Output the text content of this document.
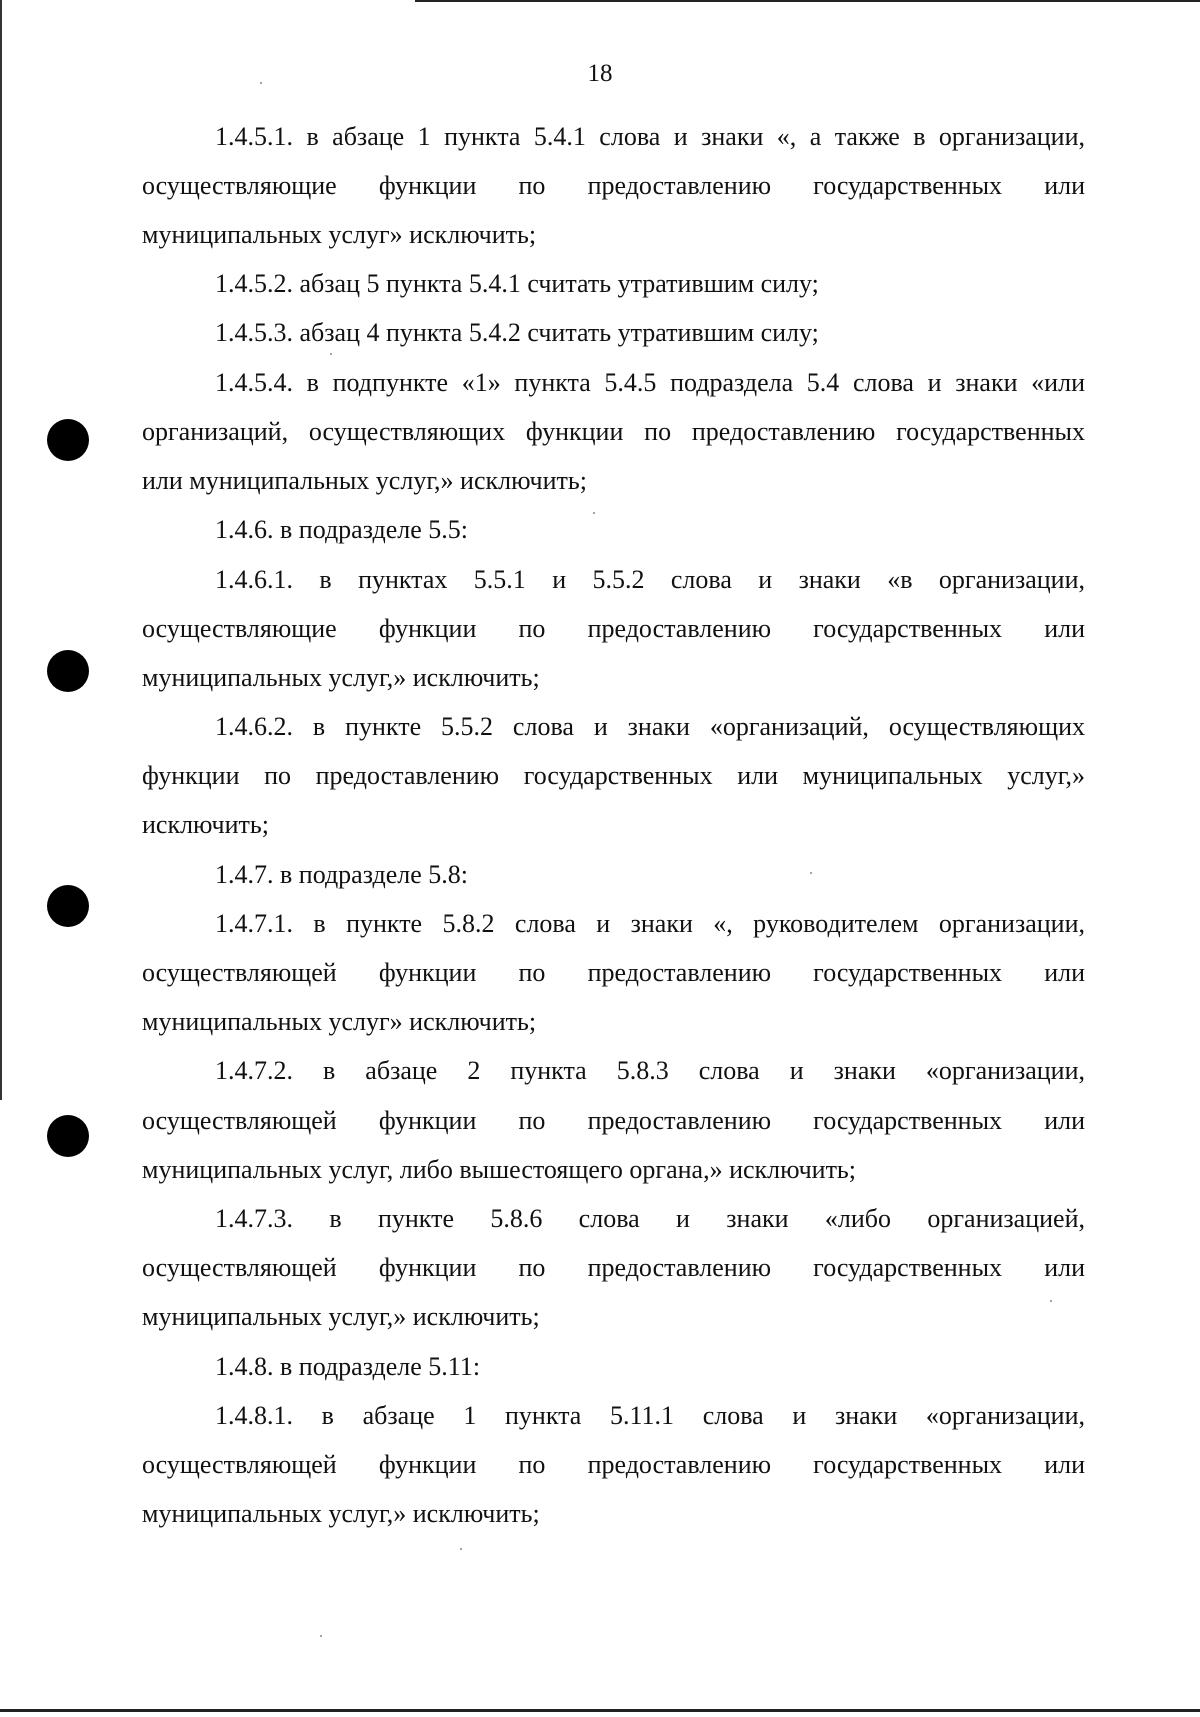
18
1.4.5.1. в абзаце 1 пункта 5.4.1 слова и знаки «, а также в организации,
осуществляющие функции по предоставлению государственных или
муниципальных услуг» исключить;
1.4.5.2. абзац 5 пункта 5.4.1 считать утратившим силу;
1.4.5.3. абзац 4 пункта 5.4.2 считать утратившим силу;
1.4.5.4. в подпункте «1» пункта 5.4.5 подраздела 5.4 слова и знаки «или
организаций, осуществляющих функции по предоставлению государственных
или муниципальных услуг,» исключить;
1.4.6. в подразделе 5.5:
1.4.6.1. в пунктах 5.5.1 и 5.5.2 слова и знаки «в организации,
осуществляющие функции по предоставлению государственных или
муниципальных услуг,» исключить;
1.4.6.2. в пункте 5.5.2 слова и знаки «организаций, осуществляющих
функции по предоставлению государственных или муниципальных услуг,»
исключить;
1.4.7. в подразделе 5.8:
1.4.7.1. в пункте 5.8.2 слова и знаки «, руководителем организации,
осуществляющей функции по предоставлению государственных или
муниципальных услуг» исключить;
1.4.7.2. в абзаце 2 пункта 5.8.3 слова и знаки «организации,
осуществляющей функции по предоставлению государственных или
муниципальных услуг, либо вышестоящего органа,» исключить;
1.4.7.3. в пункте 5.8.6 слова и знаки «либо организацией,
осуществляющей функции по предоставлению государственных или
муниципальных услуг,» исключить;
1.4.8. в подразделе 5.11:
1.4.8.1. в абзаце 1 пункта 5.11.1 слова и знаки «организации,
осуществляющей функции по предоставлению государственных или
муниципальных услуг,» исключить;
